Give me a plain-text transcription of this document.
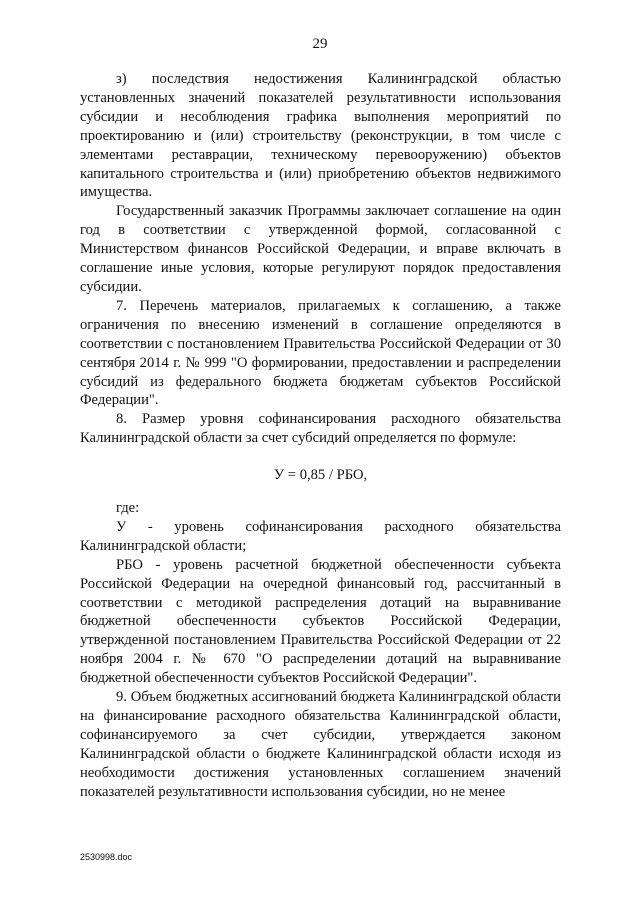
29

з) последствия недостижения Калининградской областью установленных значений показателей результативности использования субсидии и несоблюдения графика выполнения мероприятий по проектированию и (или) строительству (реконструкции, в том числе с элементами реставрации, техническому перевооружению) объектов капитального строительства и (или) приобретению объектов недвижимого имущества.

Государственный заказчик Программы заключает соглашение на один год в соответствии с утвержденной формой, согласованной с Министерством финансов Российской Федерации, и вправе включать в соглашение иные условия, которые регулируют порядок предоставления субсидии.

7. Перечень материалов, прилагаемых к соглашению, а также ограничения по внесению изменений в соглашение определяются в соответствии с постановлением Правительства Российской Федерации от 30 сентября 2014 г. № 999 "О формировании, предоставлении и распределении субсидий из федерального бюджета бюджетам субъектов Российской Федерации".

8. Размер уровня софинансирования расходного обязательства Калининградской области за счет субсидий определяется по формуле:

У = 0,85 / РБО,

где:

У - уровень софинансирования расходного обязательства Калининградской области;

РБО - уровень расчетной бюджетной обеспеченности субъекта Российской Федерации на очередной финансовый год, рассчитанный в соответствии с методикой распределения дотаций на выравнивание бюджетной обеспеченности субъектов Российской Федерации, утвержденной постановлением Правительства Российской Федерации от 22 ноября 2004 г. № 670 "О распределении дотаций на выравнивание бюджетной обеспеченности субъектов Российской Федерации".

9. Объем бюджетных ассигнований бюджета Калининградской области на финансирование расходного обязательства Калининградской области, софинансируемого за счет субсидии, утверждается законом Калининградской области о бюджете Калининградской области исходя из необходимости достижения установленных соглашением значений показателей результативности использования субсидии, но не менее

2530998.doc
